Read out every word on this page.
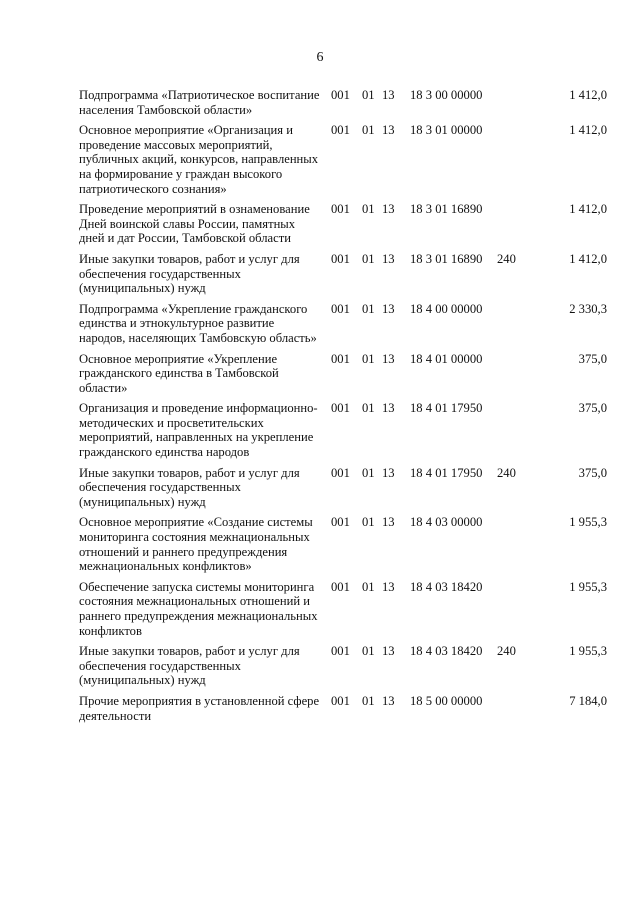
6
Подпрограмма «Патриотическое воспитание населения Тамбовской области»
001 01 13 18 3 00 00000	1 412,0
Основное мероприятие «Организация и проведение массовых мероприятий, публичных акций, конкурсов, направленных на формирование у граждан высокого патриотического сознания»
001 01 13 18 3 01 00000	1 412,0
Проведение мероприятий в ознаменование Дней воинской славы России, памятных дней и дат России, Тамбовской области
001 01 13 18 3 01 16890	1 412,0
Иные закупки товаров, работ и услуг для обеспечения государственных (муниципальных) нужд
001 01 13 18 3 01 16890 240	1 412,0
Подпрограмма «Укрепление гражданского единства и этнокультурное развитие народов, населяющих Тамбовскую область»
001 01 13 18 4 00 00000	2 330,3
Основное мероприятие «Укрепление гражданского единства в Тамбовской области»
001 01 13 18 4 01 00000	375,0
Организация и проведение информационно-методических и просветительских мероприятий, направленных на укрепление гражданского единства народов
001 01 13 18 4 01 17950	375,0
Иные закупки товаров, работ и услуг для обеспечения государственных (муниципальных) нужд
001 01 13 18 4 01 17950 240	375,0
Основное мероприятие «Создание системы мониторинга состояния межнациональных отношений и раннего предупреждения межнациональных конфликтов»
001 01 13 18 4 03 00000	1 955,3
Обеспечение запуска системы мониторинга состояния межнациональных отношений и раннего предупреждения межнациональных конфликтов
001 01 13 18 4 03 18420	1 955,3
Иные закупки товаров, работ и услуг для обеспечения государственных (муниципальных) нужд
001 01 13 18 4 03 18420 240	1 955,3
Прочие мероприятия в установленной сфере деятельности
001 01 13 18 5 00 00000	7 184,0
